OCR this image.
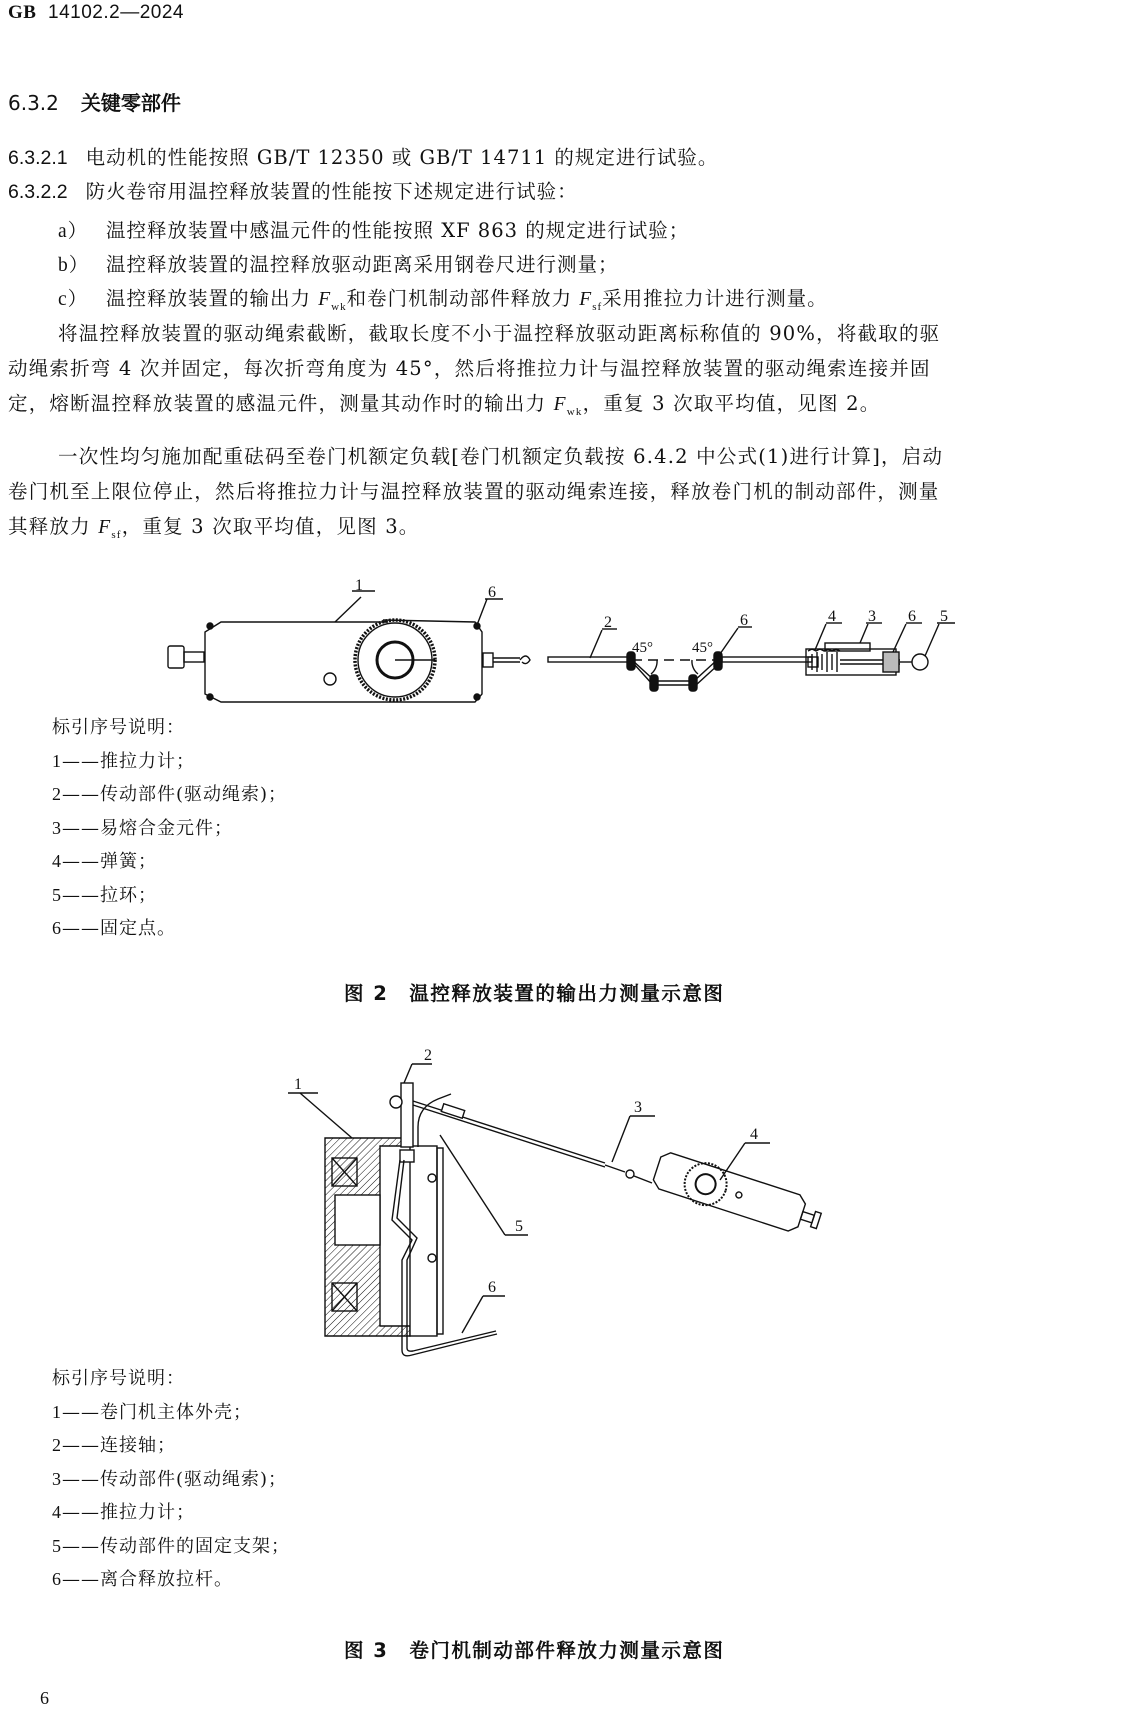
GB 14102.2—2024
6.3.2 关键零部件
6.3.2.1 电动机的性能按照 GB/T 12350 或 GB/T 14711 的规定进行试验。
6.3.2.2 防火卷帘用温控释放装置的性能按下述规定进行试验：
a） 温控释放装置中感温元件的性能按照 XF 863 的规定进行试验；
b） 温控释放装置的温控释放驱动距离采用钢卷尺进行测量；
c） 温控释放装置的输出力 $F_{wk}$和卷门机制动部件释放力 $F_{sf}$采用推拉力计进行测量。
将温控释放装置的驱动绳索截断，截取长度不小于温控释放驱动距离标称值的 90%，将截取的驱
动绳索折弯 4 次并固定，每次折弯角度为 45°，然后将推拉力计与温控释放装置的驱动绳索连接并固
定，熔断温控释放装置的感温元件，测量其动作时的输出力 $F_{wk}$，重复 3 次取平均值，见图 2。
一次性均匀施加配重砝码至卷门机额定负载[卷门机额定负载按 6.4.2 中公式(1)进行计算]，启动
卷门机至上限位停止，然后将推拉力计与温控释放装置的驱动绳索连接，释放卷门机的制动部件，测量
其释放力 $F_{sf}$，重复 3 次取平均值，见图 3。
1	6
2
45°	45°
6	4 3 6 5
标引序号说明：
1——推拉力计；
2——传动部件(驱动绳索)；
3——易熔合金元件；
4——弹簧；
5——拉环；
6——固定点。
图 2　温控释放装置的输出力测量示意图
1
2
3
4
5
6
标引序号说明：
1——卷门机主体外壳；
2——连接轴；
3——传动部件(驱动绳索)；
4——推拉力计；
5——传动部件的固定支架；
6——离合释放拉杆。
图 3　卷门机制动部件释放力测量示意图
6
